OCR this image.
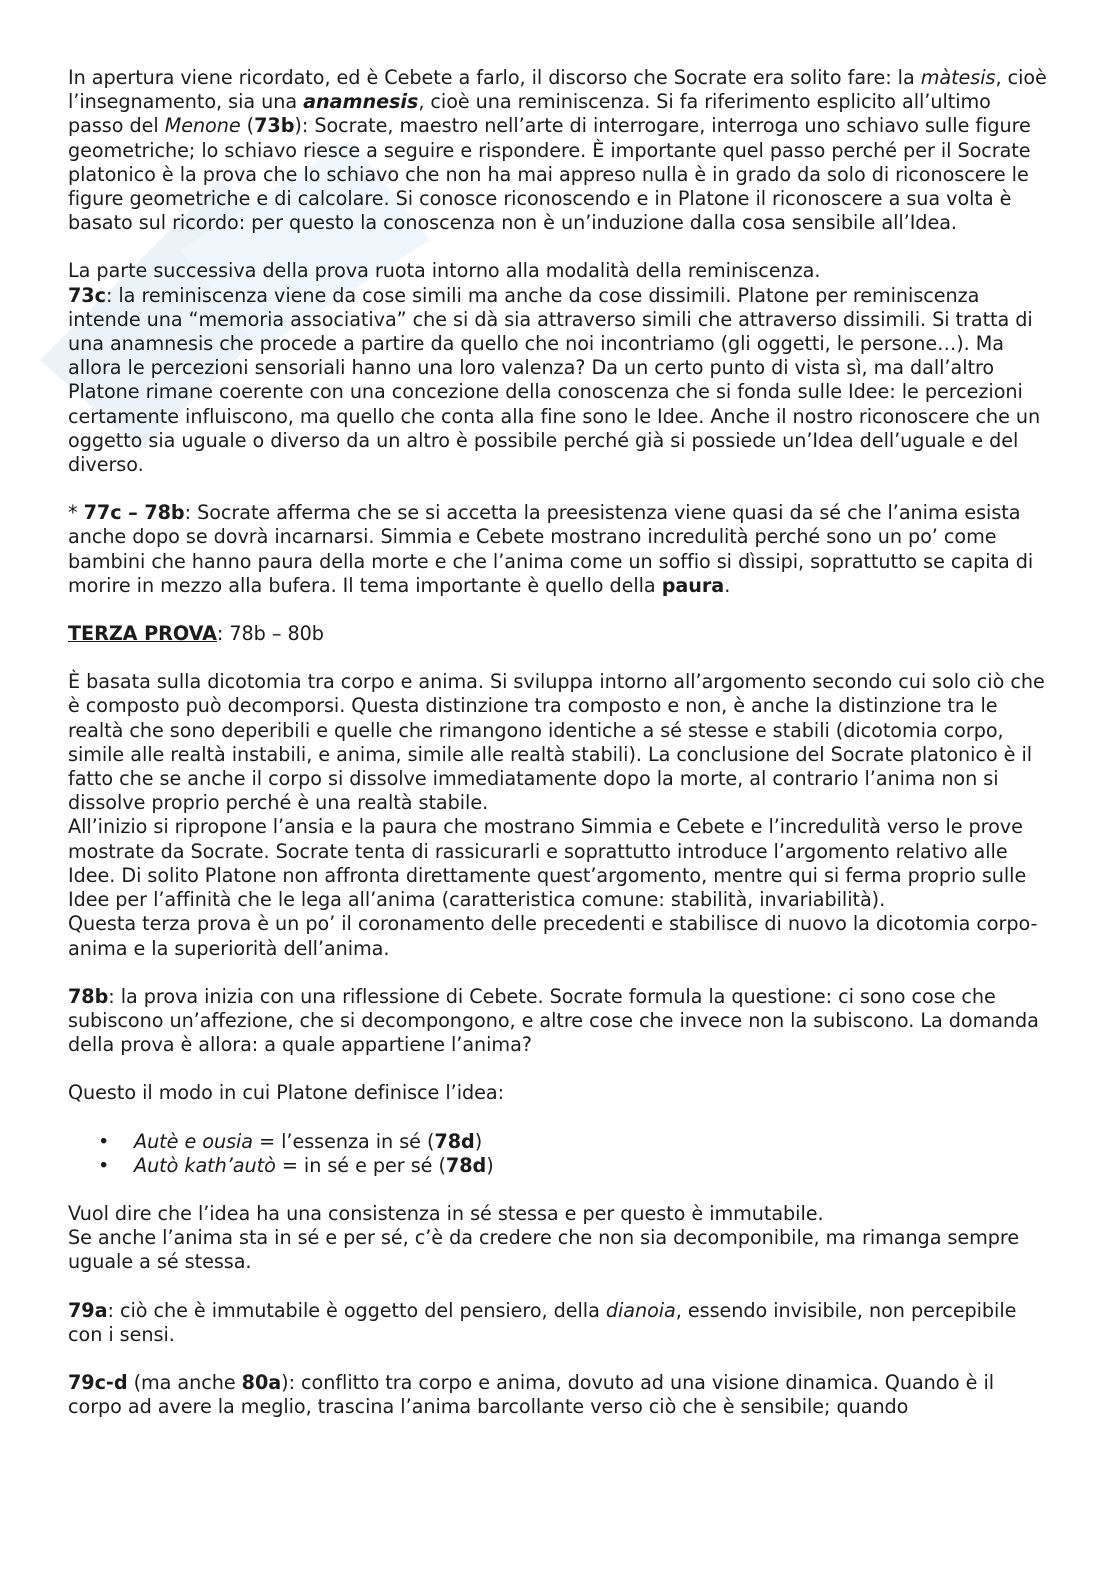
In apertura viene ricordato, ed è Cebete a farlo, il discorso che Socrate era solito fare: la màtesis, cioè l’insegnamento, sia una anamnesis, cioè una reminiscenza. Si fa riferimento esplicito all’ultimo passo del Menone (73b): Socrate, maestro nell’arte di interrogare, interroga uno schiavo sulle figure geometriche; lo schiavo riesce a seguire e rispondere. È importante quel passo perché per il Socrate platonico è la prova che lo schiavo che non ha mai appreso nulla è in grado da solo di riconoscere le figure geometriche e di calcolare. Si conosce riconoscendo e in Platone il riconoscere a sua volta è basato sul ricordo: per questo la conoscenza non è un’induzione dalla cosa sensibile all’Idea.

La parte successiva della prova ruota intorno alla modalità della reminiscenza.
73c: la reminiscenza viene da cose simili ma anche da cose dissimili. Platone per reminiscenza intende una “memoria associativa” che si dà sia attraverso simili che attraverso dissimili. Si tratta di una anamnesis che procede a partire da quello che noi incontriamo (gli oggetti, le persone…). Ma allora le percezioni sensoriali hanno una loro valenza? Da un certo punto di vista sì, ma dall’altro Platone rimane coerente con una concezione della conoscenza che si fonda sulle Idee: le percezioni certamente influiscono, ma quello che conta alla fine sono le Idee. Anche il nostro riconoscere che un oggetto sia uguale o diverso da un altro è possibile perché già si possiede un’Idea dell’uguale e del diverso.

* 77c – 78b: Socrate afferma che se si accetta la preesistenza viene quasi da sé che l’anima esista anche dopo se dovrà incarnarsi. Simmia e Cebete mostrano incredulità perché sono un po’ come bambini che hanno paura della morte e che l’anima come un soffio si dìssipi, soprattutto se capita di morire in mezzo alla bufera. Il tema importante è quello della paura.

TERZA PROVA: 78b – 80b

È basata sulla dicotomia tra corpo e anima. Si sviluppa intorno all’argomento secondo cui solo ciò che è composto può decomporsi. Questa distinzione tra composto e non, è anche la distinzione tra le realtà che sono deperibili e quelle che rimangono identiche a sé stesse e stabili (dicotomia corpo, simile alle realtà instabili, e anima, simile alle realtà stabili). La conclusione del Socrate platonico è il fatto che se anche il corpo si dissolve immediatamente dopo la morte, al contrario l’anima non si dissolve proprio perché è una realtà stabile.
All’inizio si ripropone l’ansia e la paura che mostrano Simmia e Cebete e l’incredulità verso le prove mostrate da Socrate. Socrate tenta di rassicurarli e soprattutto introduce l’argomento relativo alle Idee. Di solito Platone non affronta direttamente quest’argomento, mentre qui si ferma proprio sulle Idee per l’affinità che le lega all’anima (caratteristica comune: stabilità, invariabilità).
Questa terza prova è un po’ il coronamento delle precedenti e stabilisce di nuovo la dicotomia corpo-anima e la superiorità dell’anima.

78b: la prova inizia con una riflessione di Cebete. Socrate formula la questione: ci sono cose che subiscono un’affezione, che si decompongono, e altre cose che invece non la subiscono. La domanda della prova è allora: a quale appartiene l’anima?

Questo il modo in cui Platone definisce l’idea:

• Autè e ousia = l’essenza in sé (78d)
• Autò kath’autò = in sé e per sé (78d)

Vuol dire che l’idea ha una consistenza in sé stessa e per questo è immutabile.
Se anche l’anima sta in sé e per sé, c’è da credere che non sia decomponibile, ma rimanga sempre uguale a sé stessa.

79a: ciò che è immutabile è oggetto del pensiero, della dianoia, essendo invisibile, non percepibile con i sensi.

79c-d (ma anche 80a): conflitto tra corpo e anima, dovuto ad una visione dinamica. Quando è il corpo ad avere la meglio, trascina l’anima barcollante verso ciò che è sensibile; quando
